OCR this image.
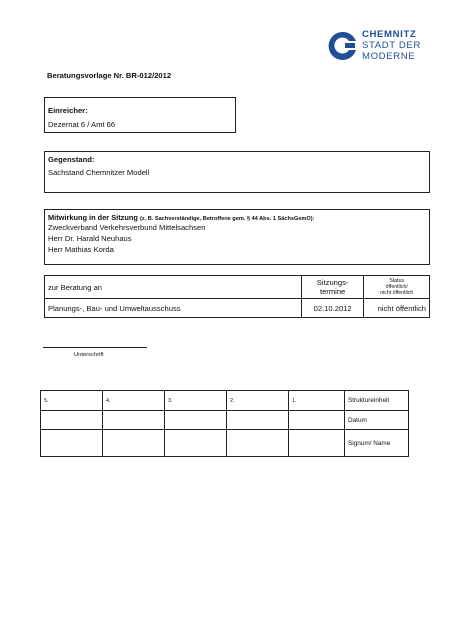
CHEMNITZ
STADT DER
MODERNE
Beratungsvorlage Nr. BR-012/2012
Einreicher:
Dezernat 6 / Amt 66
Gegenstand:
Sachstand Chemnitzer Modell
Mitwirkung in der Sitzung (z. B. Sachverständige, Betroffene gem. § 44 Abs. 1 SächsGemO):
Zweckverband Verkehrsverbund Mittelsachsen
Herr Dr. Harald Neuhaus
Herr Mathias Korda
zur Beratung an	Sitzungs- termine	Status
öffentlich/
nicht öffentlich

Planungs-, Bau- und Umweltausschuss	02.10.2012	nicht öffentlich
Unterschrift
5.	4.	3.	2.	1.	Struktureinheit
					Datum
					Signum/ Name
